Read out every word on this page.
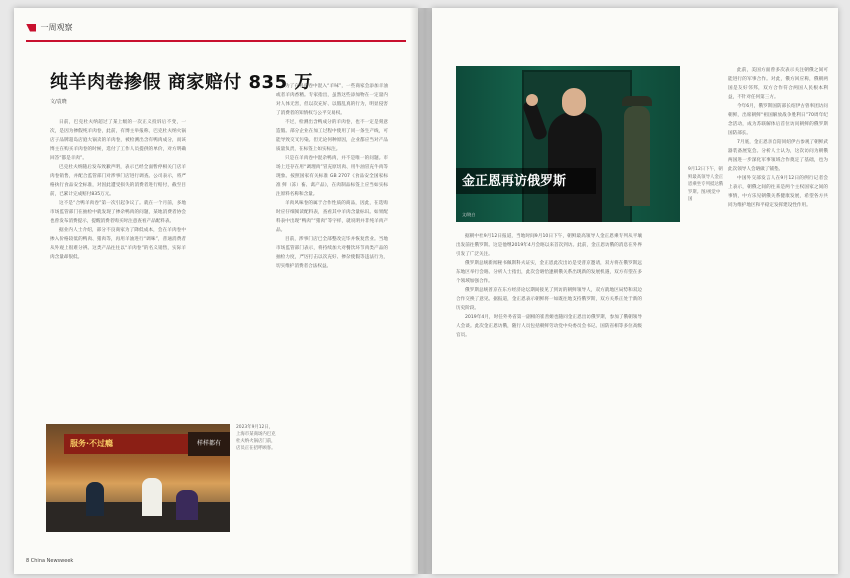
一周观察
纯羊肉卷掺假 商家赔付 835 万
文/袁晓

日前，巴克杜夫纳超过了某上级的一次正义投诉后不变，一次，是因为掺假纯羊肉卷，此前，有博主举报称，巴克杜夫纳火锅店子品牌超岛店庭大锅卖的羊肉卷，被检测出含有鸭肉成分，而该博主在购买羊肉卷的时候，选付了工作人员提供的单价，对方明确回答“都是羊肉”。

巴克杜夫纳随后发布致歉声明，表示已经全面暂停相关门店羊肉卷销售，并配合监管部门对涉事门店进行调查。公司表示，将严格执行食品安全标准，对因此遭受损失的消费者进行赔付，截至目前，已累计完成赔付835万元。

这不是“合鸭羊肉卷”第一次引起争议了。就在一个月前，多地市场监管部门在抽检中就发现了掺杂鸭肉的问题，某地消费者协会也曾发布消费提示，提醒消费者购买时注意查看产品配料表。

据业内人士介绍，部分不良商家为了降低成本，会在羊肉卷中掺入价格较低的鸭肉、猪肉等，再用羊油进行“调味”，普通消费者从外观上很难分辨。这类产品往往以“羊肉卷”的名义销售，实际羊肉含量却很低。

为了在鸭肉卷中混入“羊味”，一些商家会添加羊油或者羊肉香精。专家指出，虽然这些添加物在一定量内对人体无害，但以次充好、以假乱真的行为，明显侵害了消费者的知情权与公平交易权。

不过，检测出含鸭成分的羊肉卷，也不一定是刻意造假。部分企业在加工过程中使用了同一条生产线，可能导致交叉污染。但无论何种原因，企业都应当对产品质量负责，在标签上如实标注。

只是在羊肉卷中混杂鸭肉，并不是唯一的问题。市场上还存在用“调理肉”冒充原切肉、用牛油冒充牛肉等现象。按照国家有关标准 GB 2707《食品安全国家标准 鲜（冻）畜、禽产品》，在肉制品标签上应当如实标注原料名称和含量。

羊肉风味卷的属于合作性质的商品，因此，在选购时应仔细阅读配料表，查看其中羊肉含量标识。如果配料表中出现“鸭肉”“猪肉”等字样，就说明并非纯羊肉产品。

目前，涉事门店已全部整改完毕并恢复营业。当地市场监管部门表示，将持续加大对餐饮环节肉类产品的抽检力度，严厉打击以次充好、掺杂使假等违法行为，切实维护消费者合法权益。

服务·不过瘾	样样都有
2023年9月12日，上海市某商场内巴克杜夫纳火锅店门前，店员正在招呼顾客。
8 China Newsweek
金正恩再访俄罗斯
文/晓白
9月12日下午，朝鲜最高领导人金正恩乘坐专列抵达俄罗斯。图/视觉中国

据朝中社9月12日报道，当地时间9月10日下午，朝鲜最高领导人金正恩乘专列从平壤出发前往俄罗斯。这是他继2019年4月会晤以来首次到访。此前，金正恩访俄的消息在外界引发了广泛关注。

俄罗斯总统新闻秘书佩斯科夫证实，金正恩此次出访是受普京邀请，双方将在俄罗斯远东地区举行会晤。分析人士指出，此次会晤恰逢朝俄关系出现新的发展机遇，双方有望在多个领域加强合作。

俄罗斯总统普京在东方经济论坛期间接见了到访的朝鲜领导人，双方就地区局势和双边合作交换了意见。据报道，金正恩表示朝鲜将一如既往地支持俄罗斯，双方关系正处于新的历史阶段。

2019年4月，时任外务省第一副相的崔善姬也随同金正恩出访俄罗斯，参加了俄朝领导人会谈。此次金正恩访俄，随行人员包括朝鲜劳动党中央委员会书记、国防省相等多位高级官员。

此前，美国方面曾多次表示关注朝俄之间可能进行的军事合作。对此，俄方回应称，俄朝两国是友好邻邦，双方合作符合两国人民根本利益，不针对任何第三方。

今年6月，俄罗斯国防部长绍伊古曾率团访问朝鲜，出席朝鲜“祖国解放战争胜利日”70周年纪念活动，成为苏联解体后首位访问朝鲜的俄罗斯国防部长。

7月底，金正恩亲自陪同绍伊古参观了朝鲜武器装备展览会。分析人士认为，这次访问为朝俄两国进一步深化军事领域合作奠定了基础，也为此次领导人会晤做了铺垫。

中国外交部发言人在9月12日的例行记者会上表示，朝俄之间的往来是两个主权国家之间的事情，中方乐见朝俄关系健康发展，希望各方共同为维护地区和平稳定发挥建设性作用。
